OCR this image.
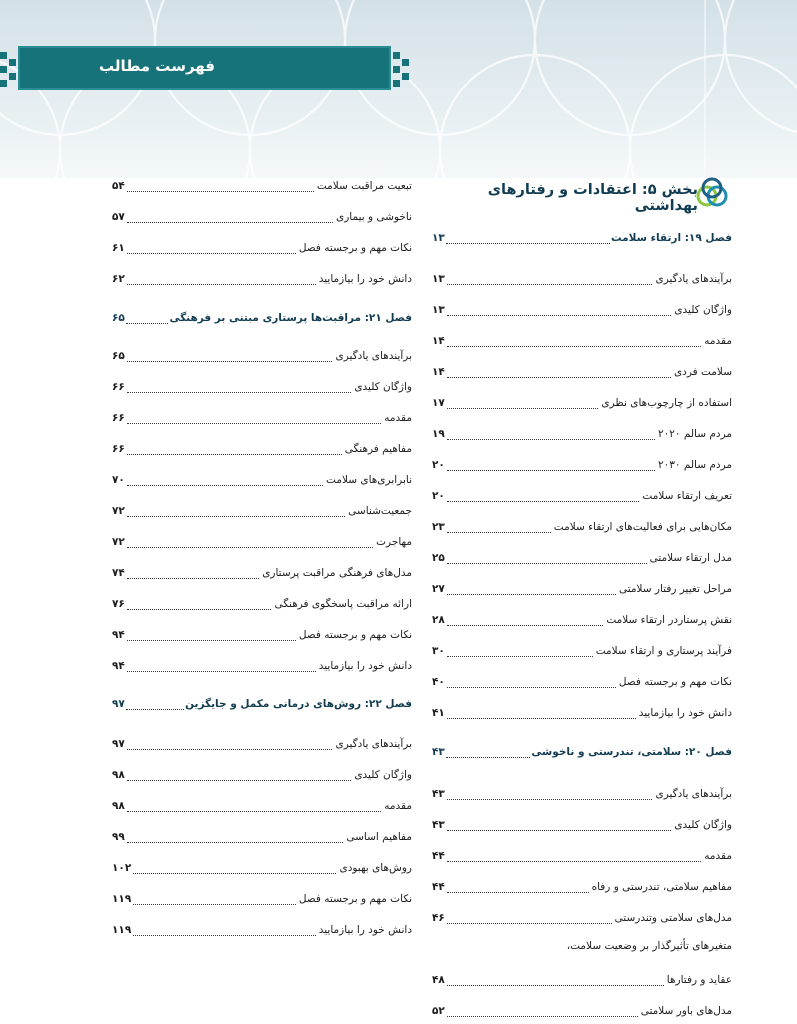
فهرست مطالب
بخش ۵: اعتقادات و رفتارهای بهداشتی
فصل ۱۹: ارتقاء سلامت
۱۳
برآیندهای یادگیری
۱۳
واژگان کلیدی
۱۳
مقدمه
۱۴
سلامت فردی
۱۴
استفاده از چارچوب‌های نظری
۱۷
مردم سالم ۲۰۲۰
۱۹
مردم سالم ۲۰۳۰
۲۰
تعریف ارتقاء سلامت
۲۰
مکان‌هایی برای فعالیت‌های ارتقاء سلامت
۲۳
مدل ارتقاء سلامتی
۲۵
مراحل تغییر رفتار سلامتی
۲۷
نقش پرستاردر ارتقاء سلامت
۲۸
فرآیند پرستاری و ارتقاء سلامت
۳۰
نکات مهم و برجسته فصل
۴۰
دانش خود را بیازمایید
۴۱
فصل ۲۰: سلامتی، تندرستی و ناخوشی
۴۳
برآیندهای یادگیری
۴۳
واژگان کلیدی
۴۳
مقدمه
۴۴
مفاهیم سلامتی، تندرستی و رفاه
۴۴
مدل‌های سلامتی وتندرستی
۴۶
متغیرهای تأثیرگذار بر وضعیت سلامت،
عقاید و رفتارها
۴۸
مدل‌های باور سلامتی
۵۲
تبعیت مراقبت سلامت
۵۴
ناخوشی و بیماری
۵۷
نکات مهم و برجسته فصل
۶۱
دانش خود را بیازمایید
۶۲
فصل ۲۱: مراقبت‌ها پرستاری مبتنی بر فرهنگی
۶۵
برآیندهای یادگیری
۶۵
واژگان کلیدی
۶۶
مقدمه
۶۶
مفاهیم فرهنگی
۶۶
نابرابری‌های سلامت
۷۰
جمعیت‌شناسی
۷۲
مهاجرت
۷۲
مدل‌های فرهنگی مراقبت پرستاری
۷۴
ارائه مراقبت پاسخگوی فرهنگی
۷۶
نکات مهم و برجسته فصل
۹۴
دانش خود را بیازمایید
۹۴
فصل ۲۲: روش‌های درمانی مکمل و جایگزین
۹۷
برآیندهای یادگیری
۹۷
واژگان کلیدی
۹۸
مقدمه
۹۸
مفاهیم اساسی
۹۹
روش‌های بهبودی
۱۰۲
نکات مهم و برجسته فصل
۱۱۹
دانش خود را بیازمایید
۱۱۹
